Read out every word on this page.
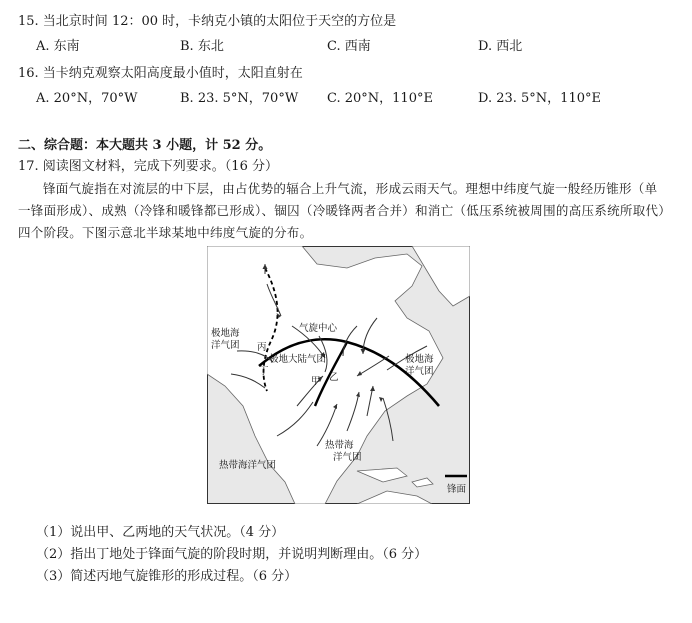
15. 当北京时间 12：00 时，卡纳克小镇的太阳位于天空的方位是
A. 东南	B. 东北	C. 西南	D. 西北
16. 当卡纳克观察太阳高度最小值时，太阳直射在
A. 20°N，70°W	B. 23. 5°N，70°W C. 20°N，110°E	D. 23. 5°N，110°E
二、综合题：本大题共 3 小题，计 52 分。
17. 阅读图文材料，完成下列要求。（16 分）
锋面气旋指在对流层的中下层，由占优势的辐合上升气流，形成云雨天气。理想中纬度气旋一般经历锥形（单一锋面形成）、成熟（冷锋和暖锋都已形成）、锢囚（冷暖锋两者合并）和消亡（低压系统被周围的高压系统所取代）四个阶段。下图示意北半球某地中纬度气旋的分布。
极地海
洋气团
气旋中心
丙
极地大陆气团
丁
甲 乙
极地海
洋气团
热带海
洋气团
热带海洋气团
锋面
（1）说出甲、乙两地的天气状况。（4 分）
（2）指出丁地处于锋面气旋的阶段时期，并说明判断理由。（6 分）
（3）简述丙地气旋锥形的形成过程。（6 分）
